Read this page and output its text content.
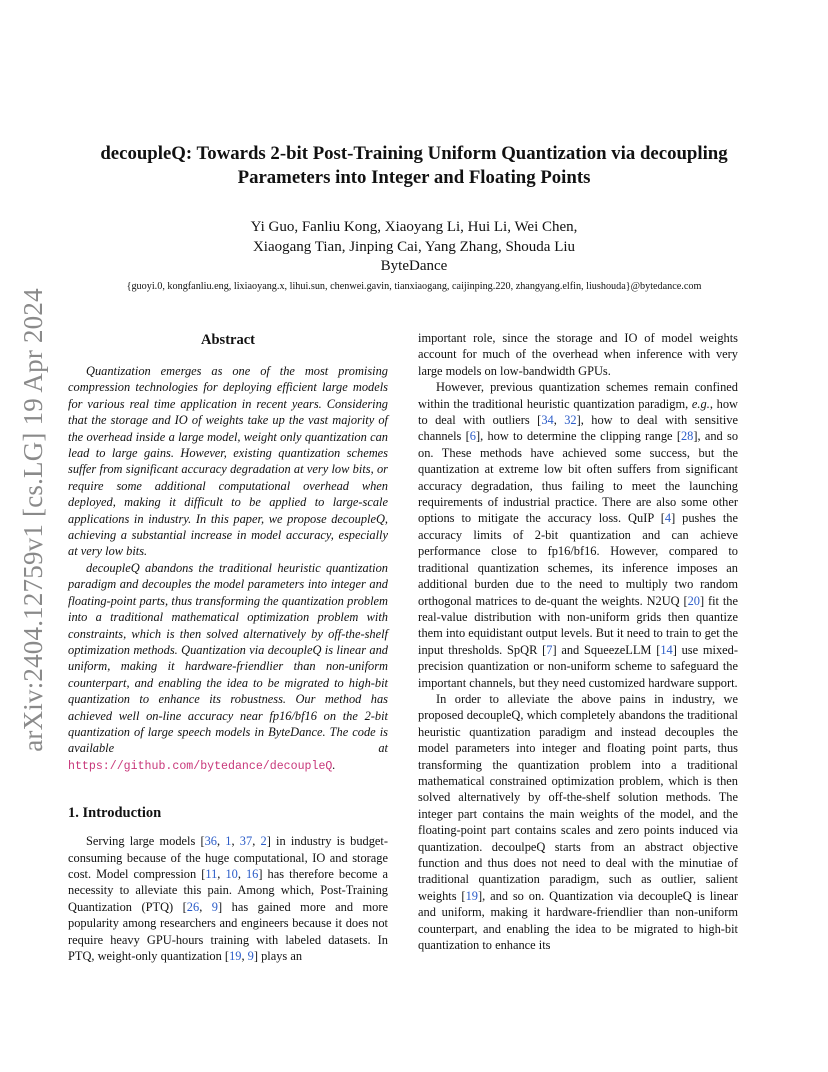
arXiv:2404.12759v1 [cs.LG] 19 Apr 2024
decoupleQ: Towards 2-bit Post-Training Uniform Quantization via decoupling
Parameters into Integer and Floating Points
Yi Guo, Fanliu Kong, Xiaoyang Li, Hui Li, Wei Chen,
Xiaogang Tian, Jinping Cai, Yang Zhang, Shouda Liu
ByteDance
{guoyi.0, kongfanliu.eng, lixiaoyang.x, lihui.sun, chenwei.gavin, tianxiaogang, caijinping.220, zhangyang.elfin, liushouda}@bytedance.com
Abstract

Quantization emerges as one of the most promising compression technologies for deploying efficient large models for various real time application in recent years. Considering that the storage and IO of weights take up the vast majority of the overhead inside a large model, weight only quantization can lead to large gains. However, existing quantization schemes suffer from significant accuracy degradation at very low bits, or require some additional computational overhead when deployed, making it difficult to be applied to large-scale applications in industry. In this paper, we propose decoupleQ, achieving a substantial increase in model accuracy, especially at very low bits.

decoupleQ abandons the traditional heuristic quantization paradigm and decouples the model parameters into integer and floating-point parts, thus transforming the quantization problem into a traditional mathematical optimization problem with constraints, which is then solved alternatively by off-the-shelf optimization methods. Quantization via decoupleQ is linear and uniform, making it hardware-friendlier than non-uniform counterpart, and enabling the idea to be migrated to high-bit quantization to enhance its robustness. Our method has achieved well on-line accuracy near fp16/bf16 on the 2-bit quantization of large speech models in ByteDance. The code is available at https://github.com/bytedance/decoupleQ.

1. Introduction

Serving large models [36, 1, 37, 2] in industry is budget-consuming because of the huge computational, IO and storage cost. Model compression [11, 10, 16] has therefore become a necessity to alleviate this pain. Among which, Post-Training Quantization (PTQ) [26, 9] has gained more and more popularity among researchers and engineers because it does not require heavy GPU-hours training with labeled datasets. In PTQ, weight-only quantization [19, 9] plays an

important role, since the storage and IO of model weights account for much of the overhead when inference with very large models on low-bandwidth GPUs.

However, previous quantization schemes remain confined within the traditional heuristic quantization paradigm, e.g., how to deal with outliers [34, 32], how to deal with sensitive channels [6], how to determine the clipping range [28], and so on. These methods have achieved some success, but the quantization at extreme low bit often suffers from significant accuracy degradation, thus failing to meet the launching requirements of industrial practice. There are also some other options to mitigate the accuracy loss. QuIP [4] pushes the accuracy limits of 2-bit quantization and can achieve performance close to fp16/bf16. However, compared to traditional quantization schemes, its inference imposes an additional burden due to the need to multiply two random orthogonal matrices to de-quant the weights. N2UQ [20] fit the real-value distribution with non-uniform grids then quantize them into equidistant output levels. But it need to train to get the input thresholds. SpQR [7] and SqueezeLLM [14] use mixed-precision quantization or non-uniform scheme to safeguard the important channels, but they need customized hardware support.

In order to alleviate the above pains in industry, we proposed decoupleQ, which completely abandons the traditional heuristic quantization paradigm and instead decouples the model parameters into integer and floating point parts, thus transforming the quantization problem into a traditional mathematical constrained optimization problem, which is then solved alternatively by off-the-shelf solution methods. The integer part contains the main weights of the model, and the floating-point part contains scales and zero points induced via quantization. decoulpeQ starts from an abstract objective function and thus does not need to deal with the minutiae of traditional quantization paradigm, such as outlier, salient weights [19], and so on. Quantization via decoupleQ is linear and uniform, making it hardware-friendlier than non-uniform counterpart, and enabling the idea to be migrated to high-bit quantization to enhance its
